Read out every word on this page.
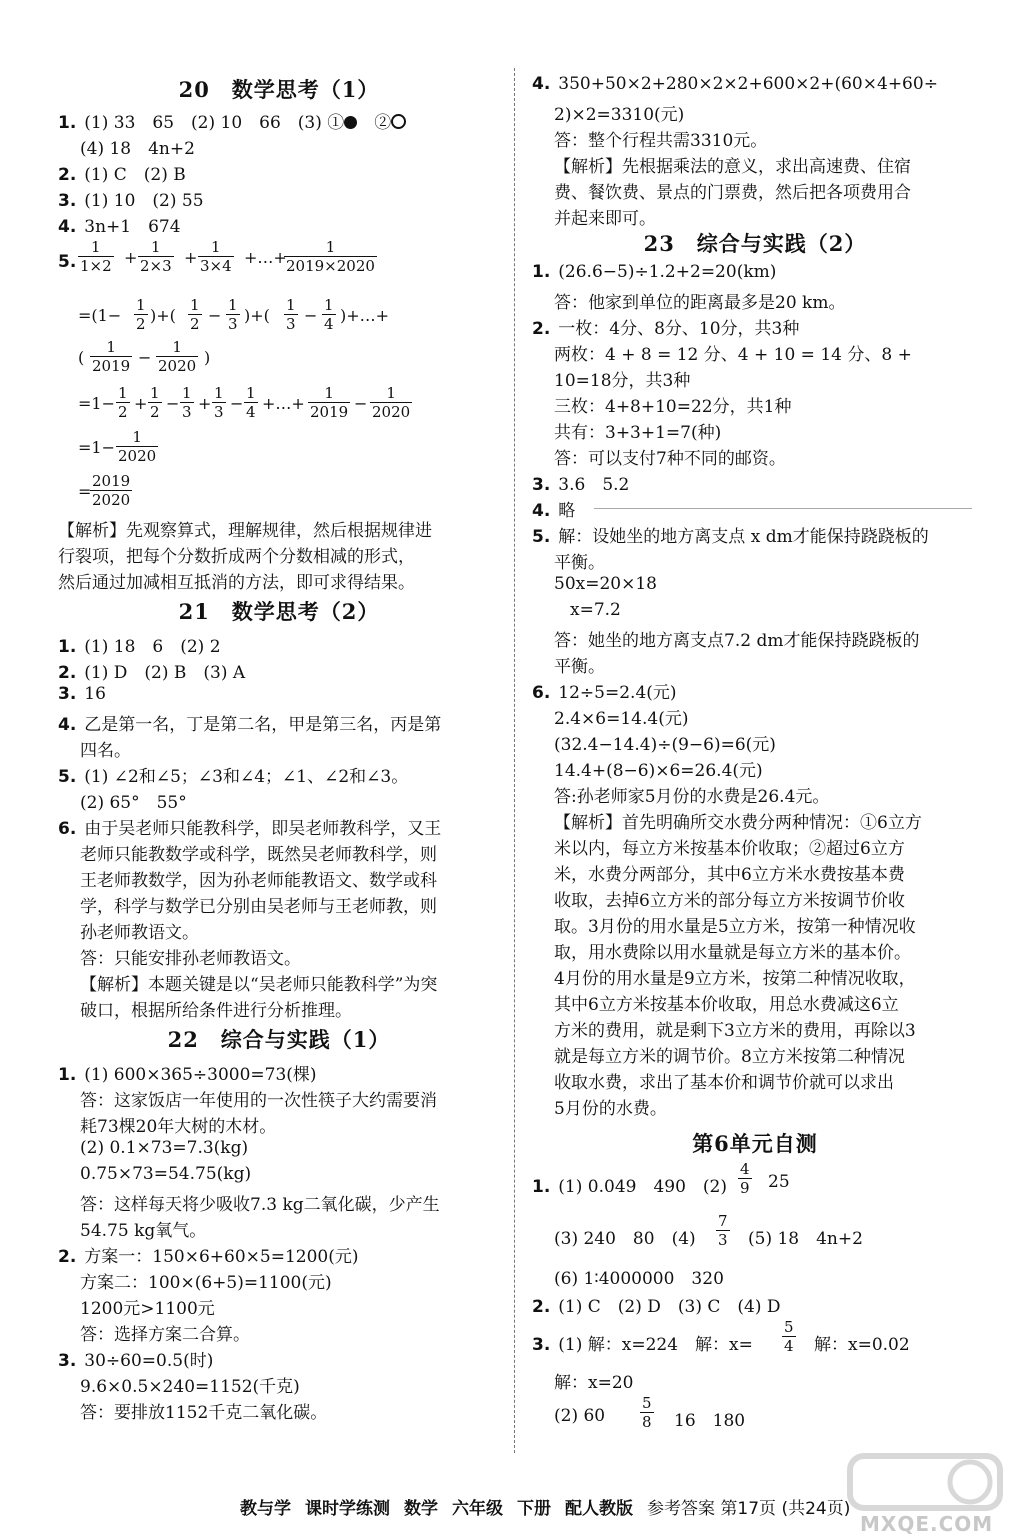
20　数学思考（1）
1. (1) 33　65　(2) 10　66　(3) ①　②
(4) 18　4n+2
2. (1) C　(2) B
3. (1) 10　(2) 55
4. 3n+1　674
5. $\frac{1}{1\times 2} + \frac{1}{2\times 3} + \frac{1}{3\times 4}$ +…+
$\frac{1}{2019\times 2020}$
$=(1- \frac{1}{2}$ )+( $\frac{1}{2} - \frac{1}{3}$ )+( $\frac{1}{3} - \frac{1}{4}$ )+…+
( $\frac{1}{2019} - \frac{1}{2020}$ )
$=1- \frac{1}{2} + \frac{1}{2} - \frac{1}{3} + \frac{1}{3} - \frac{1}{4}$ +…+ $\frac{1}{2019} - \frac{1}{2020}$
$=1- \frac{1}{2020}$
=
$\frac{2019}{2020}$
【解析】先观察算式，理解规律，然后根据规律进
行裂项，把每个分数折成两个分数相减的形式，
然后通过加减相互抵消的方法，即可求得结果。
21　数学思考（2）
1. (1) 18　6　(2) 2
2. (1) D　(2) B　(3) A
3. 16
4. 乙是第一名，丁是第二名，甲是第三名，丙是第
四名。
5. (1) ∠2和∠5；∠3和∠4；∠1、∠2和∠3。
(2) 65°　55°
6. 由于吴老师只能教科学，即吴老师教科学，又王
老师只能教数学或科学，既然吴老师教科学，则
王老师教数学，因为孙老师能教语文、数学或科
学，科学与数学已分别由吴老师与王老师教，则
孙老师教语文。
答：只能安排孙老师教语文。
【解析】本题关键是以“吴老师只能教科学”为突
破口，根据所给条件进行分析推理。
22　综合与实践（1）
1. (1) 600×365÷3000=73(棵)
答：这家饭店一年使用的一次性筷子大约需要消
耗73棵20年大树的木材。
(2) 0.1×73=7.3(kg)
0.75×73=54.75(kg)
答：这样每天将少吸收7.3 kg二氧化碳，少产生
54.75 kg氧气。
2. 方案一：150×6+60×5=1200(元)
方案二：100×(6+5)=1100(元)
1200元>1100元
答：选择方案二合算。
3. 30÷60=0.5(时)
9.6×0.5×240=1152(千克)
答：要排放1152千克二氧化碳。
4. 350+50×2+280×2×2+600×2+(60×4+60÷
2)×2=3310(元)
答：整个行程共需3310元。
【解析】先根据乘法的意义，求出高速费、住宿
费、餐饮费、景点的门票费，然后把各项费用合
并起来即可。
23　综合与实践（2）
1. (26.6−5)÷1.2+2=20(km)
答：他家到单位的距离最多是20 km。
2. 一枚：4分、8分、10分，共3种
两枚：4 + 8 = 12 分、4 + 10 = 14 分、8 +
10=18分，共3种
三枚：4+8+10=22分，共1种
共有：3+3+1=7(种)
答：可以支付7种不同的邮资。
3. 3.6　5.2
4. 略
5. 解：设她坐的地方离支点 x dm才能保持跷跷板的
平衡。
50x=20×18
x=7.2
答：她坐的地方离支点7.2 dm才能保持跷跷板的
平衡。
6. 12÷5=2.4(元)
2.4×6=14.4(元)
(32.4−14.4)÷(9−6)=6(元)
14.4+(8−6)×6=26.4(元)
答:孙老师家5月份的水费是26.4元。
【解析】首先明确所交水费分两种情况：①6立方
米以内，每立方米按基本价收取；②超过6立方
米，水费分两部分，其中6立方米水费按基本费
收取，去掉6立方米的部分每立方米按调节价收
取。3月份的用水量是5立方米，按第一种情况收
取，用水费除以用水量就是每立方米的基本价。
4月份的用水量是9立方米，按第二种情况收取，
其中6立方米按基本价收取，用总水费减这6立
方米的费用，就是剩下3立方米的费用，再除以3
就是每立方米的调节价。8立方米按第二种情况
收取水费，求出了基本价和调节价就可以求出
5月份的水费。
第6单元自测
1. (1) 0.049　490　$(2) \frac{4}{9} 25$
(3) 240　80　$(4) \frac{7}{3} (5)$ 18　4n+2
(6) 1∶4000000　320
2. (1) C　(2) D　(3) C　(4) D
3. (1) 解：x=224　解：$x= \frac{5}{4}$ 解：x=0.02
解：x=20
(2) $60 \frac{5}{8} 16$　180
教与学 课时学练测 数学 六年级 下册 配人教版 参考答案 第17页 (共24页)
MXQE.COM
